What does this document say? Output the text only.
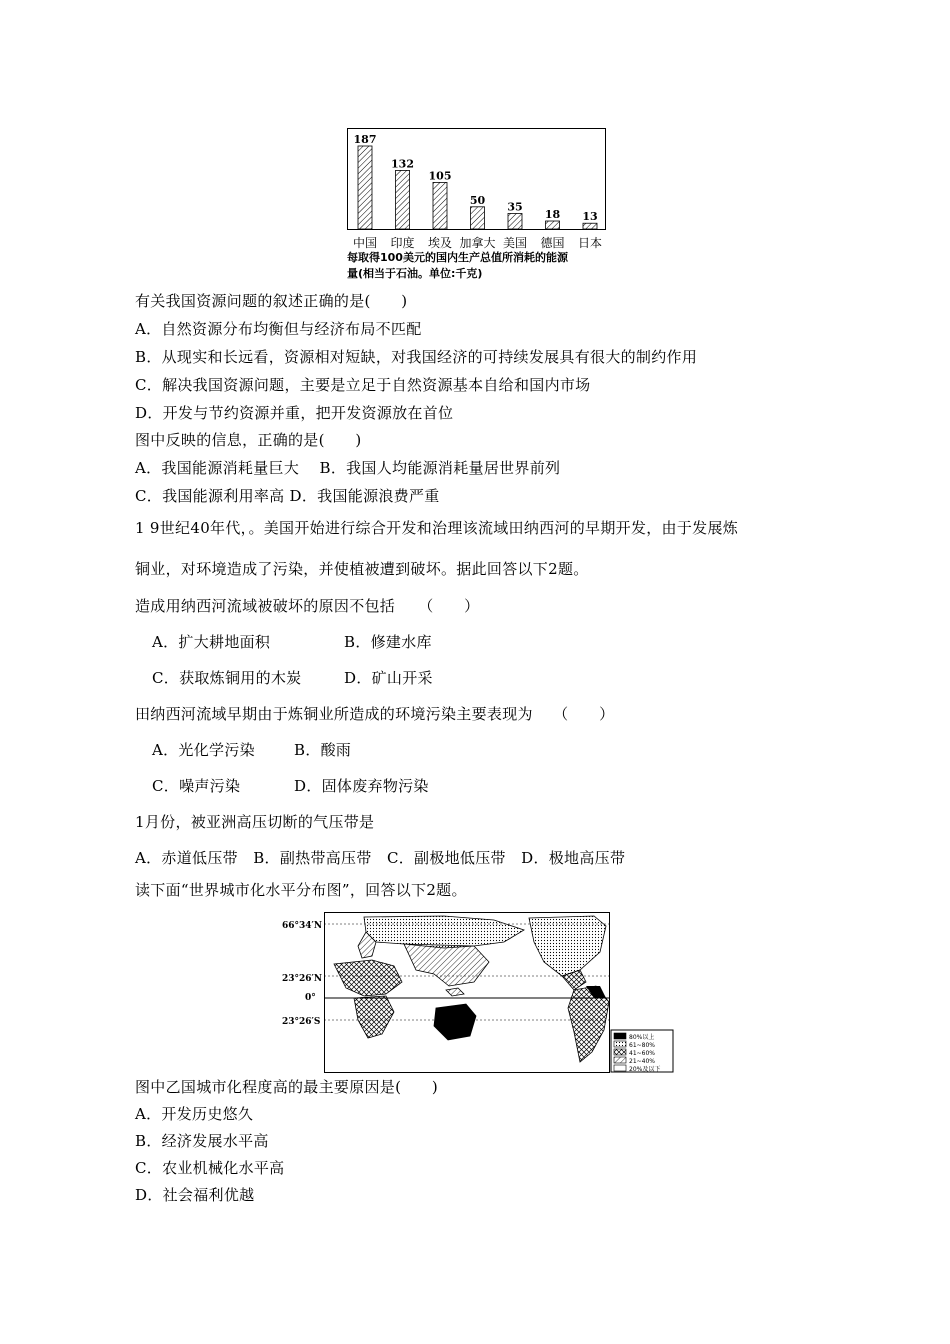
187
132
105
50
35
18 13
每取得100美元的国内生产总值所消耗的能源
量(相当于石油。单位:千克)
有关我国资源问题的叙述正确的是(　　)
A．自然资源分布均衡但与经济布局不匹配
B．从现实和长远看，资源相对短缺，对我国经济的可持续发展具有很大的制约作用
C．解决我国资源问题，主要是立足于自然资源基本自给和国内市场
D．开发与节约资源并重，把开发资源放在首位
图中反映的信息，正确的是(　　)
A．我国能源消耗量巨大　 B．我国人均能源消耗量居世界前列
C．我国能源利用率高 D．我国能源浪费严重
1 9世纪40年代，。美国开始进行综合开发和治理该流域田纳西河的早期开发，由于发展炼
铜业，对环境造成了污染，并使植被遭到破坏。据此回答以下2题。
造成用纳西河流域被破坏的原因不包括　　（　　）
A．扩大耕地面积	B．修建水库
C．获取炼铜用的木炭	D．矿山开采
田纳西河流域早期由于炼铜业所造成的环境污染主要表现为　 （　　）
A．光化学污染	B．酸雨
C．噪声污染	D．固体废弃物污染
1月份，被亚洲高压切断的气压带是
A．赤道低压带　B．副热带高压带　C．副极地低压带　D．极地高压带
读下面“世界城市化水平分布图”，回答以下2题。
66°34′N
23°26′N
0°
23°26′S
80%以上
61~80%
41~60%
21~40%
20%及以下
图中乙国城市化程度高的最主要原因是(　　)
A．开发历史悠久
B．经济发展水平高
C．农业机械化水平高
D．社会福利优越
中国	印度	埃及 加拿大 美国	德国	日本
